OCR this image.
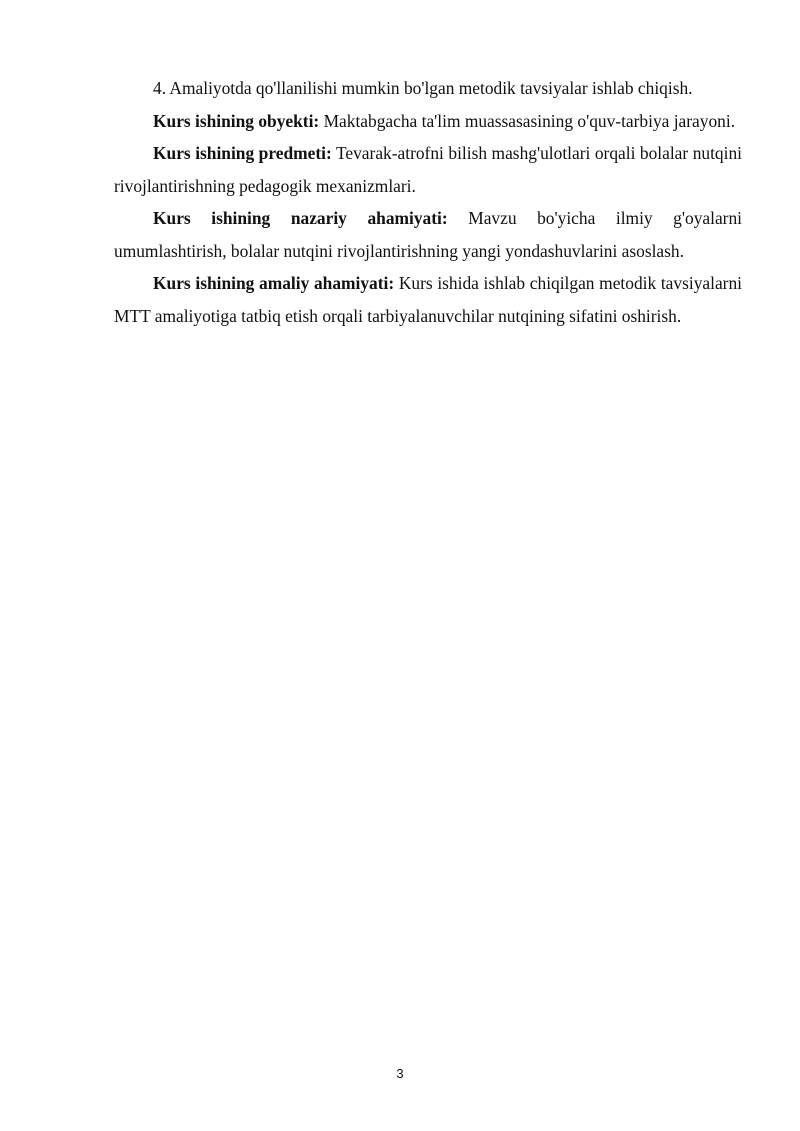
4. Amaliyotda qo'llanilishi mumkin bo'lgan metodik tavsiyalar ishlab chiqish.

Kurs ishining obyekti: Maktabgacha ta'lim muassasasining o'quv-tarbiya jarayoni.

Kurs ishining predmeti: Tevarak-atrofni bilish mashg'ulotlari orqali bolalar nutqini rivojlantirishning pedagogik mexanizmlari.

Kurs ishining nazariy ahamiyati: Mavzu bo'yicha ilmiy g'oyalarni umumlashtirish, bolalar nutqini rivojlantirishning yangi yondashuvlarini asoslash.

Kurs ishining amaliy ahamiyati: Kurs ishida ishlab chiqilgan metodik tavsiyalarni MTT amaliyotiga tatbiq etish orqali tarbiyalanuvchilar nutqining sifatini oshirish.

3
